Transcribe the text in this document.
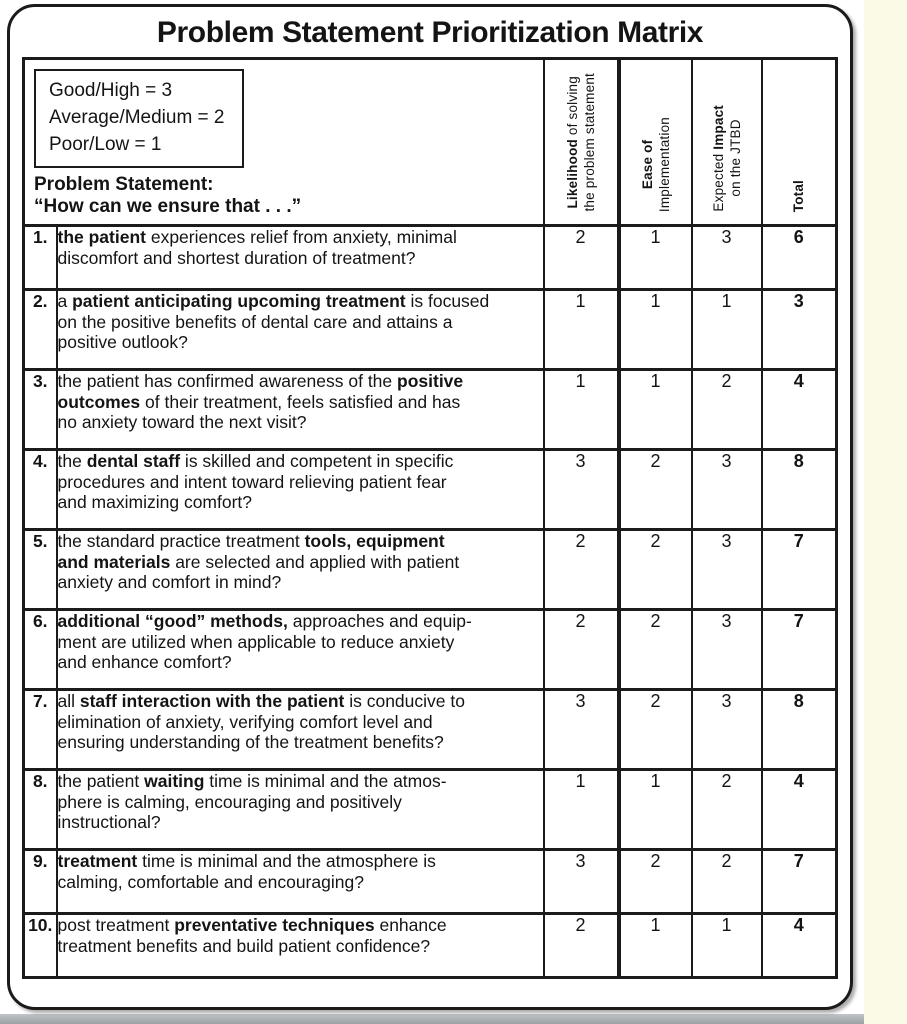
Problem Statement Prioritization Matrix
Good/High = 3
Average/Medium = 2
Poor/Low = 1
Problem Statement:
“How can we ensure that . . .”	Likelihood of solving the problem statement	Ease of Implementation	Expected Impact on the JTBD	Total
1.	the patient experiences relief from anxiety, minimal
discomfort and shortest duration of treatment?	2	1	3	6
2.	a patient anticipating upcoming treatment is focused
on the positive benefits of dental care and attains a
positive outlook?	1	1	1	3
3.	the patient has confirmed awareness of the positive
outcomes of their treatment, feels satisfied and has
no anxiety toward the next visit?	1	1	2	4
4.	the dental staff is skilled and competent in specific
procedures and intent toward relieving patient fear
and maximizing comfort?	3	2	3	8
5.	the standard practice treatment tools, equipment
and materials are selected and applied with patient
anxiety and comfort in mind?	2	2	3	7
6.	additional “good” methods, approaches and equip-
ment are utilized when applicable to reduce anxiety
and enhance comfort?	2	2	3	7
7.	all staff interaction with the patient is conducive to
elimination of anxiety, verifying comfort level and
ensuring understanding of the treatment benefits?	3	2	3	8
8.	the patient waiting time is minimal and the atmos-
phere is calming, encouraging and positively
instructional?	1	1	2	4
9.	treatment time is minimal and the atmosphere is
calming, comfortable and encouraging?	3	2	2	7
10.	post treatment preventative techniques enhance
treatment benefits and build patient confidence?	2	1	1	4
